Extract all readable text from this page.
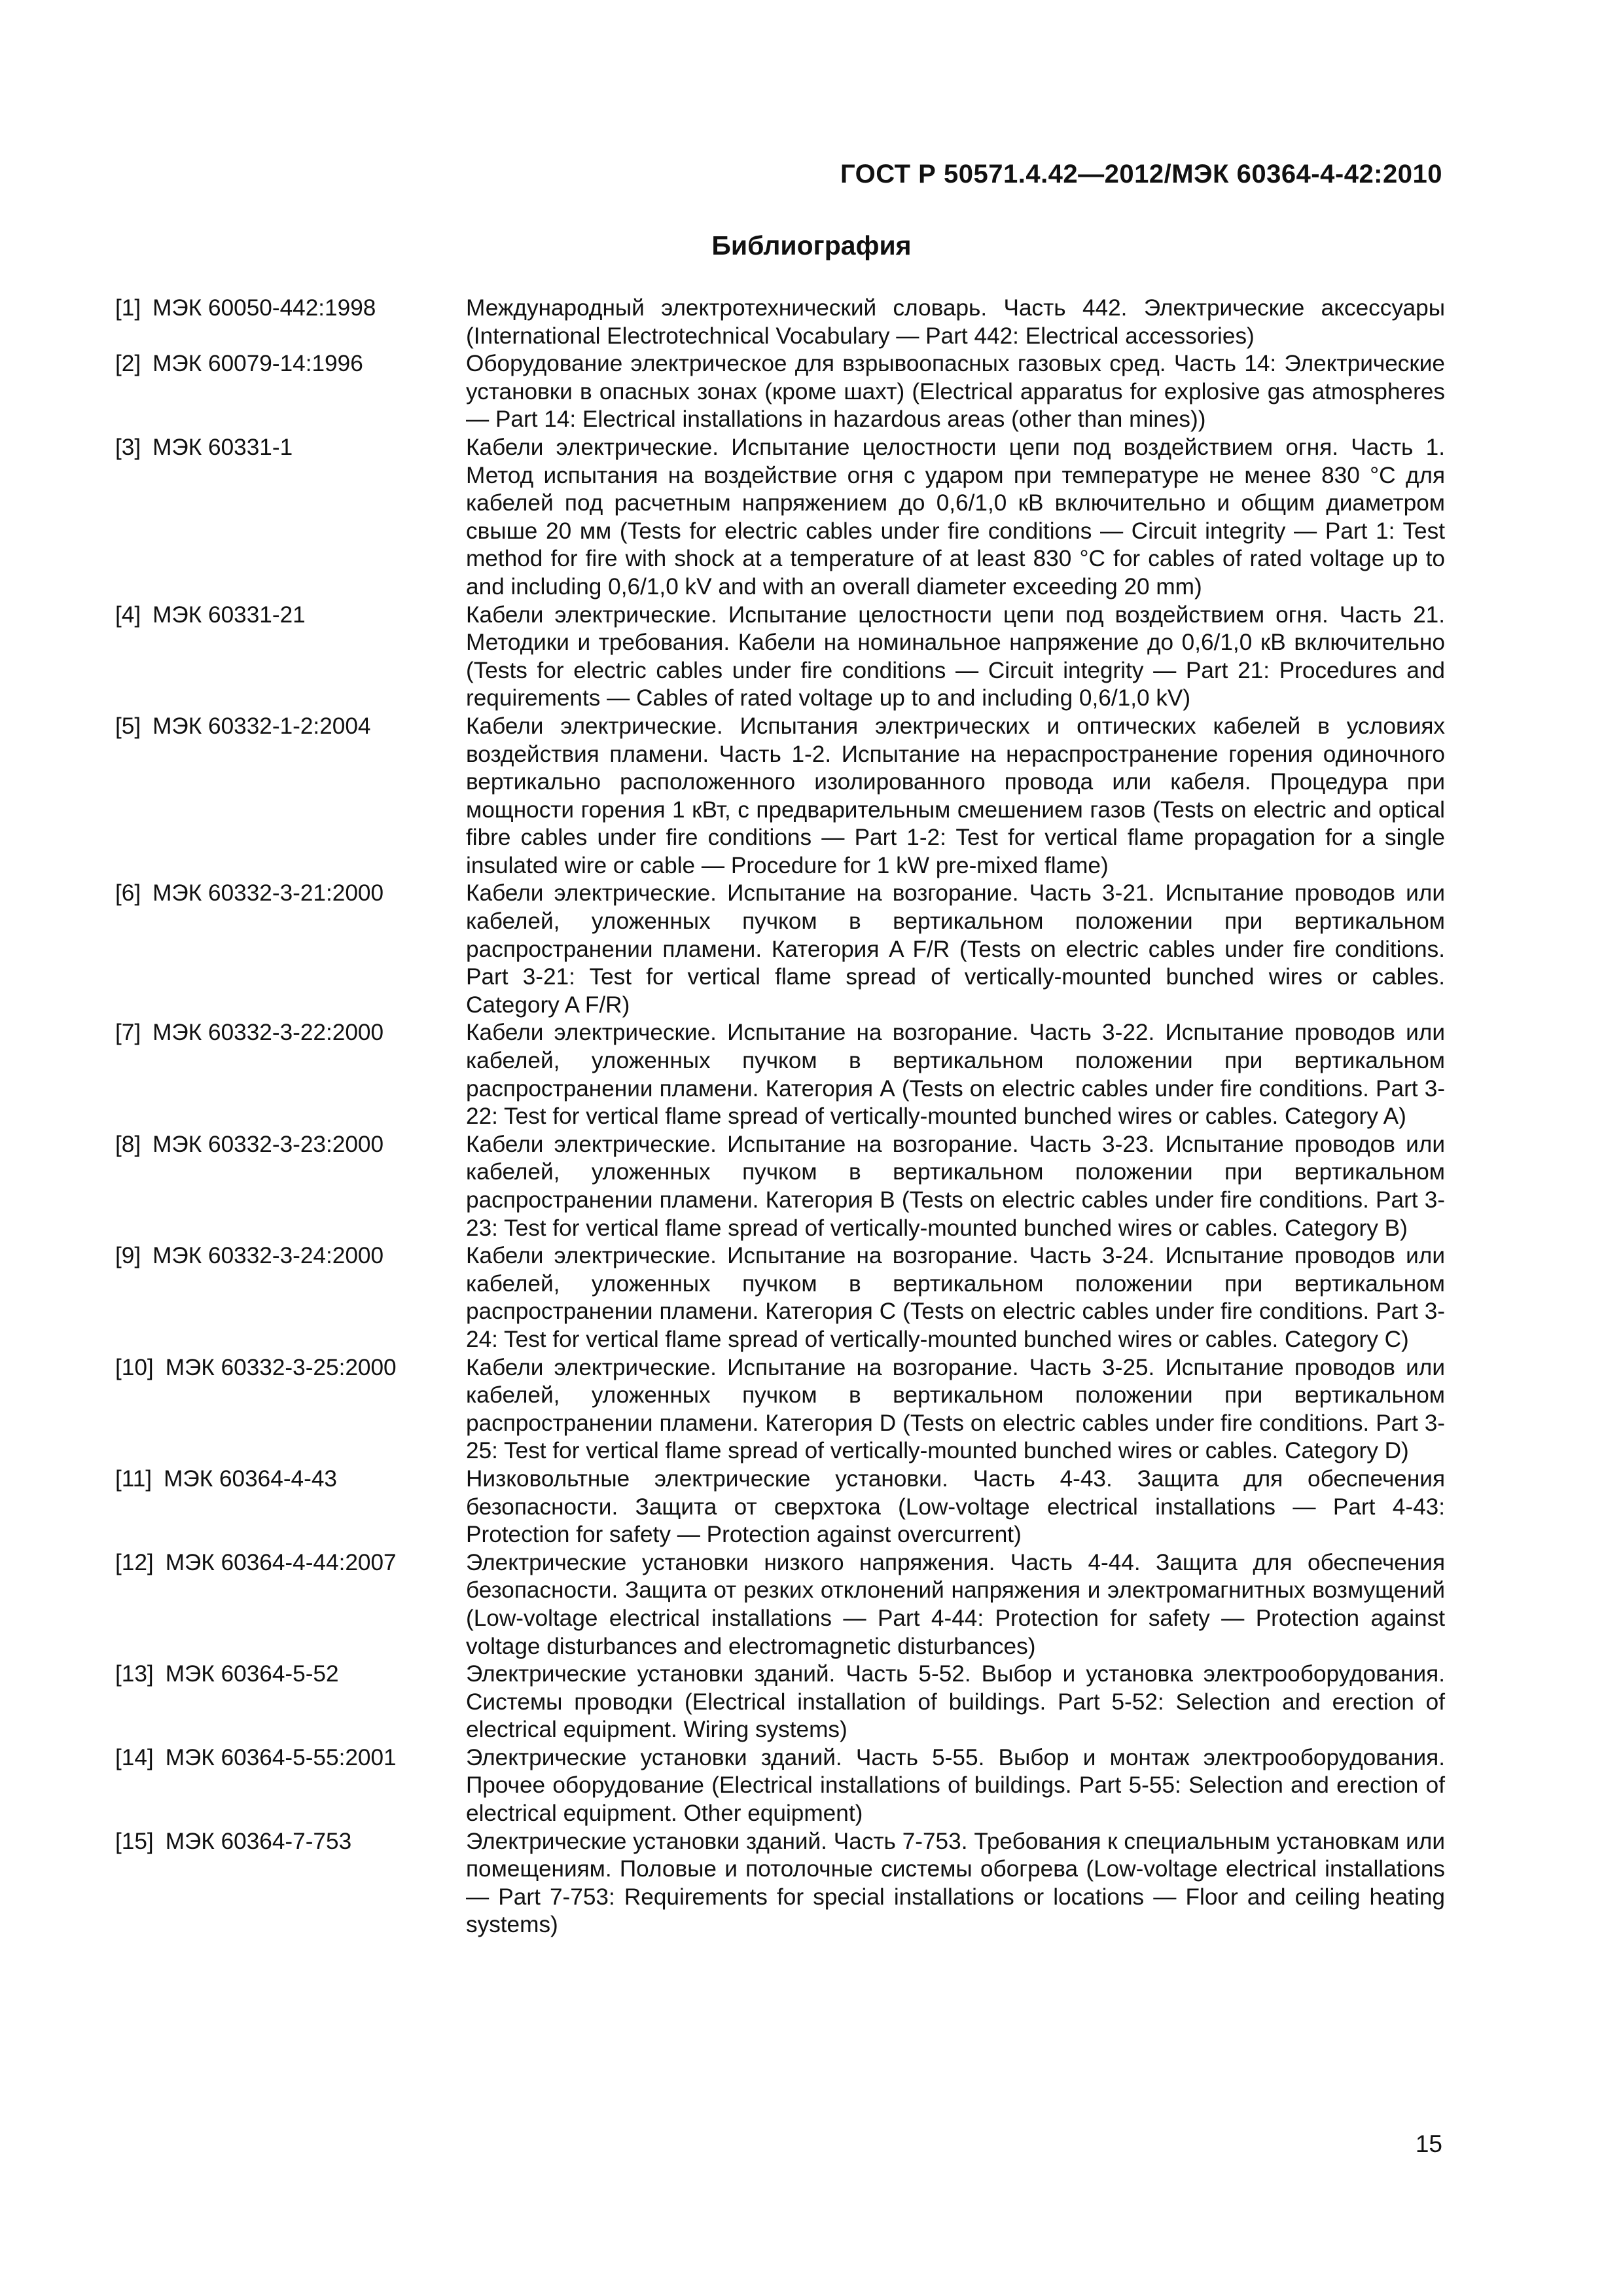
ГОСТ Р 50571.4.42—2012/МЭК 60364-4-42:2010
Библиография
[1] МЭК 60050-442:1998	Международный электротехнический словарь. Часть 442. Электрические аксессуары (International Electrotechnical Vocabulary — Part 442: Electrical accessories)
[2] МЭК 60079-14:1996	Оборудование электрическое для взрывоопасных газовых сред. Часть 14: Электрические установки в опасных зонах (кроме шахт) (Electrical apparatus for explosive gas atmospheres — Part 14: Electrical installations in hazardous areas (other than mines))
[3] МЭК 60331-1	Кабели электрические. Испытание целостности цепи под воздействием огня. Часть 1. Метод испытания на воздействие огня с ударом при температуре не менее 830 °С для кабелей под расчетным напряжением до 0,6/1,0 кВ включительно и общим диаметром свыше 20 мм (Tests for electric cables under fire conditions — Circuit integrity — Part 1: Test method for fire with shock at a temperature of at least 830 °C for cables of rated voltage up to and including 0,6/1,0 kV and with an overall diameter exceeding 20 mm)
[4] МЭК 60331-21	Кабели электрические. Испытание целостности цепи под воздействием огня. Часть 21. Методики и требования. Кабели на номинальное напряжение до 0,6/1,0 кВ включительно (Tests for electric cables under fire conditions — Circuit integrity — Part 21: Procedures and requirements — Cables of rated voltage up to and including 0,6/1,0 kV)
[5] МЭК 60332-1-2:2004	Кабели электрические. Испытания электрических и оптических кабелей в условиях воздействия пламени. Часть 1-2. Испытание на нераспространение горения одиночного вертикально расположенного изолированного провода или кабеля. Процедура при мощности горения 1 кВт, с предварительным смешением газов (Tests on electric and optical fibre cables under fire conditions — Part 1-2: Test for vertical flame propagation for a single insulated wire or cable — Procedure for 1 kW pre-mixed flame)
[6] МЭК 60332-3-21:2000	Кабели электрические. Испытание на возгорание. Часть 3-21. Испытание проводов или кабелей, уложенных пучком в вертикальном положении при вертикальном распространении пламени. Категория A F/R (Tests on electric cables under fire conditions. Part 3-21: Test for vertical flame spread of vertically-mounted bunched wires or cables. Category A F/R)
[7] МЭК 60332-3-22:2000	Кабели электрические. Испытание на возгорание. Часть 3-22. Испытание проводов или кабелей, уложенных пучком в вертикальном положении при вертикальном распространении пламени. Категория А (Tests on electric cables under fire conditions. Part 3-22: Test for vertical flame spread of vertically-mounted bunched wires or cables. Category A)
[8] МЭК 60332-3-23:2000	Кабели электрические. Испытание на возгорание. Часть 3-23. Испытание проводов или кабелей, уложенных пучком в вертикальном положении при вертикальном распространении пламени. Категория В (Tests on electric cables under fire conditions. Part 3-23: Test for vertical flame spread of vertically-mounted bunched wires or cables. Category B)
[9] МЭК 60332-3-24:2000	Кабели электрические. Испытание на возгорание. Часть 3-24. Испытание проводов или кабелей, уложенных пучком в вертикальном положении при вертикальном распространении пламени. Категория С (Tests on electric cables under fire conditions. Part 3-24: Test for vertical flame spread of vertically-mounted bunched wires or cables. Category C)
[10] МЭК 60332-3-25:2000	Кабели электрические. Испытание на возгорание. Часть 3-25. Испытание проводов или кабелей, уложенных пучком в вертикальном положении при вертикальном распространении пламени. Категория D (Tests on electric cables under fire conditions. Part 3-25: Test for vertical flame spread of vertically-mounted bunched wires or cables. Category D)
[11] МЭК 60364-4-43	Низковольтные электрические установки. Часть 4-43. Защита для обеспечения безопасности. Защита от сверхтока (Low-voltage electrical installations — Part 4-43: Protection for safety — Protection against overcurrent)
[12] МЭК 60364-4-44:2007	Электрические установки низкого напряжения. Часть 4-44. Защита для обеспечения безопасности. Защита от резких отклонений напряжения и электромагнитных возмущений (Low-voltage electrical installations — Part 4-44: Protection for safety — Protection against voltage disturbances and electromagnetic disturbances)
[13] МЭК 60364-5-52	Электрические установки зданий. Часть 5-52. Выбор и установка электрооборудования. Системы проводки (Electrical installation of buildings. Part 5-52: Selection and erection of electrical equipment. Wiring systems)
[14] МЭК 60364-5-55:2001	Электрические установки зданий. Часть 5-55. Выбор и монтаж электрооборудования. Прочее оборудование (Electrical installations of buildings. Part 5-55: Selection and erection of electrical equipment. Other equipment)
[15] МЭК 60364-7-753	Электрические установки зданий. Часть 7-753. Требования к специальным установкам или помещениям. Половые и потолочные системы обогрева (Low-voltage electrical installations — Part 7-753: Requirements for special installations or locations — Floor and ceiling heating systems)
15
